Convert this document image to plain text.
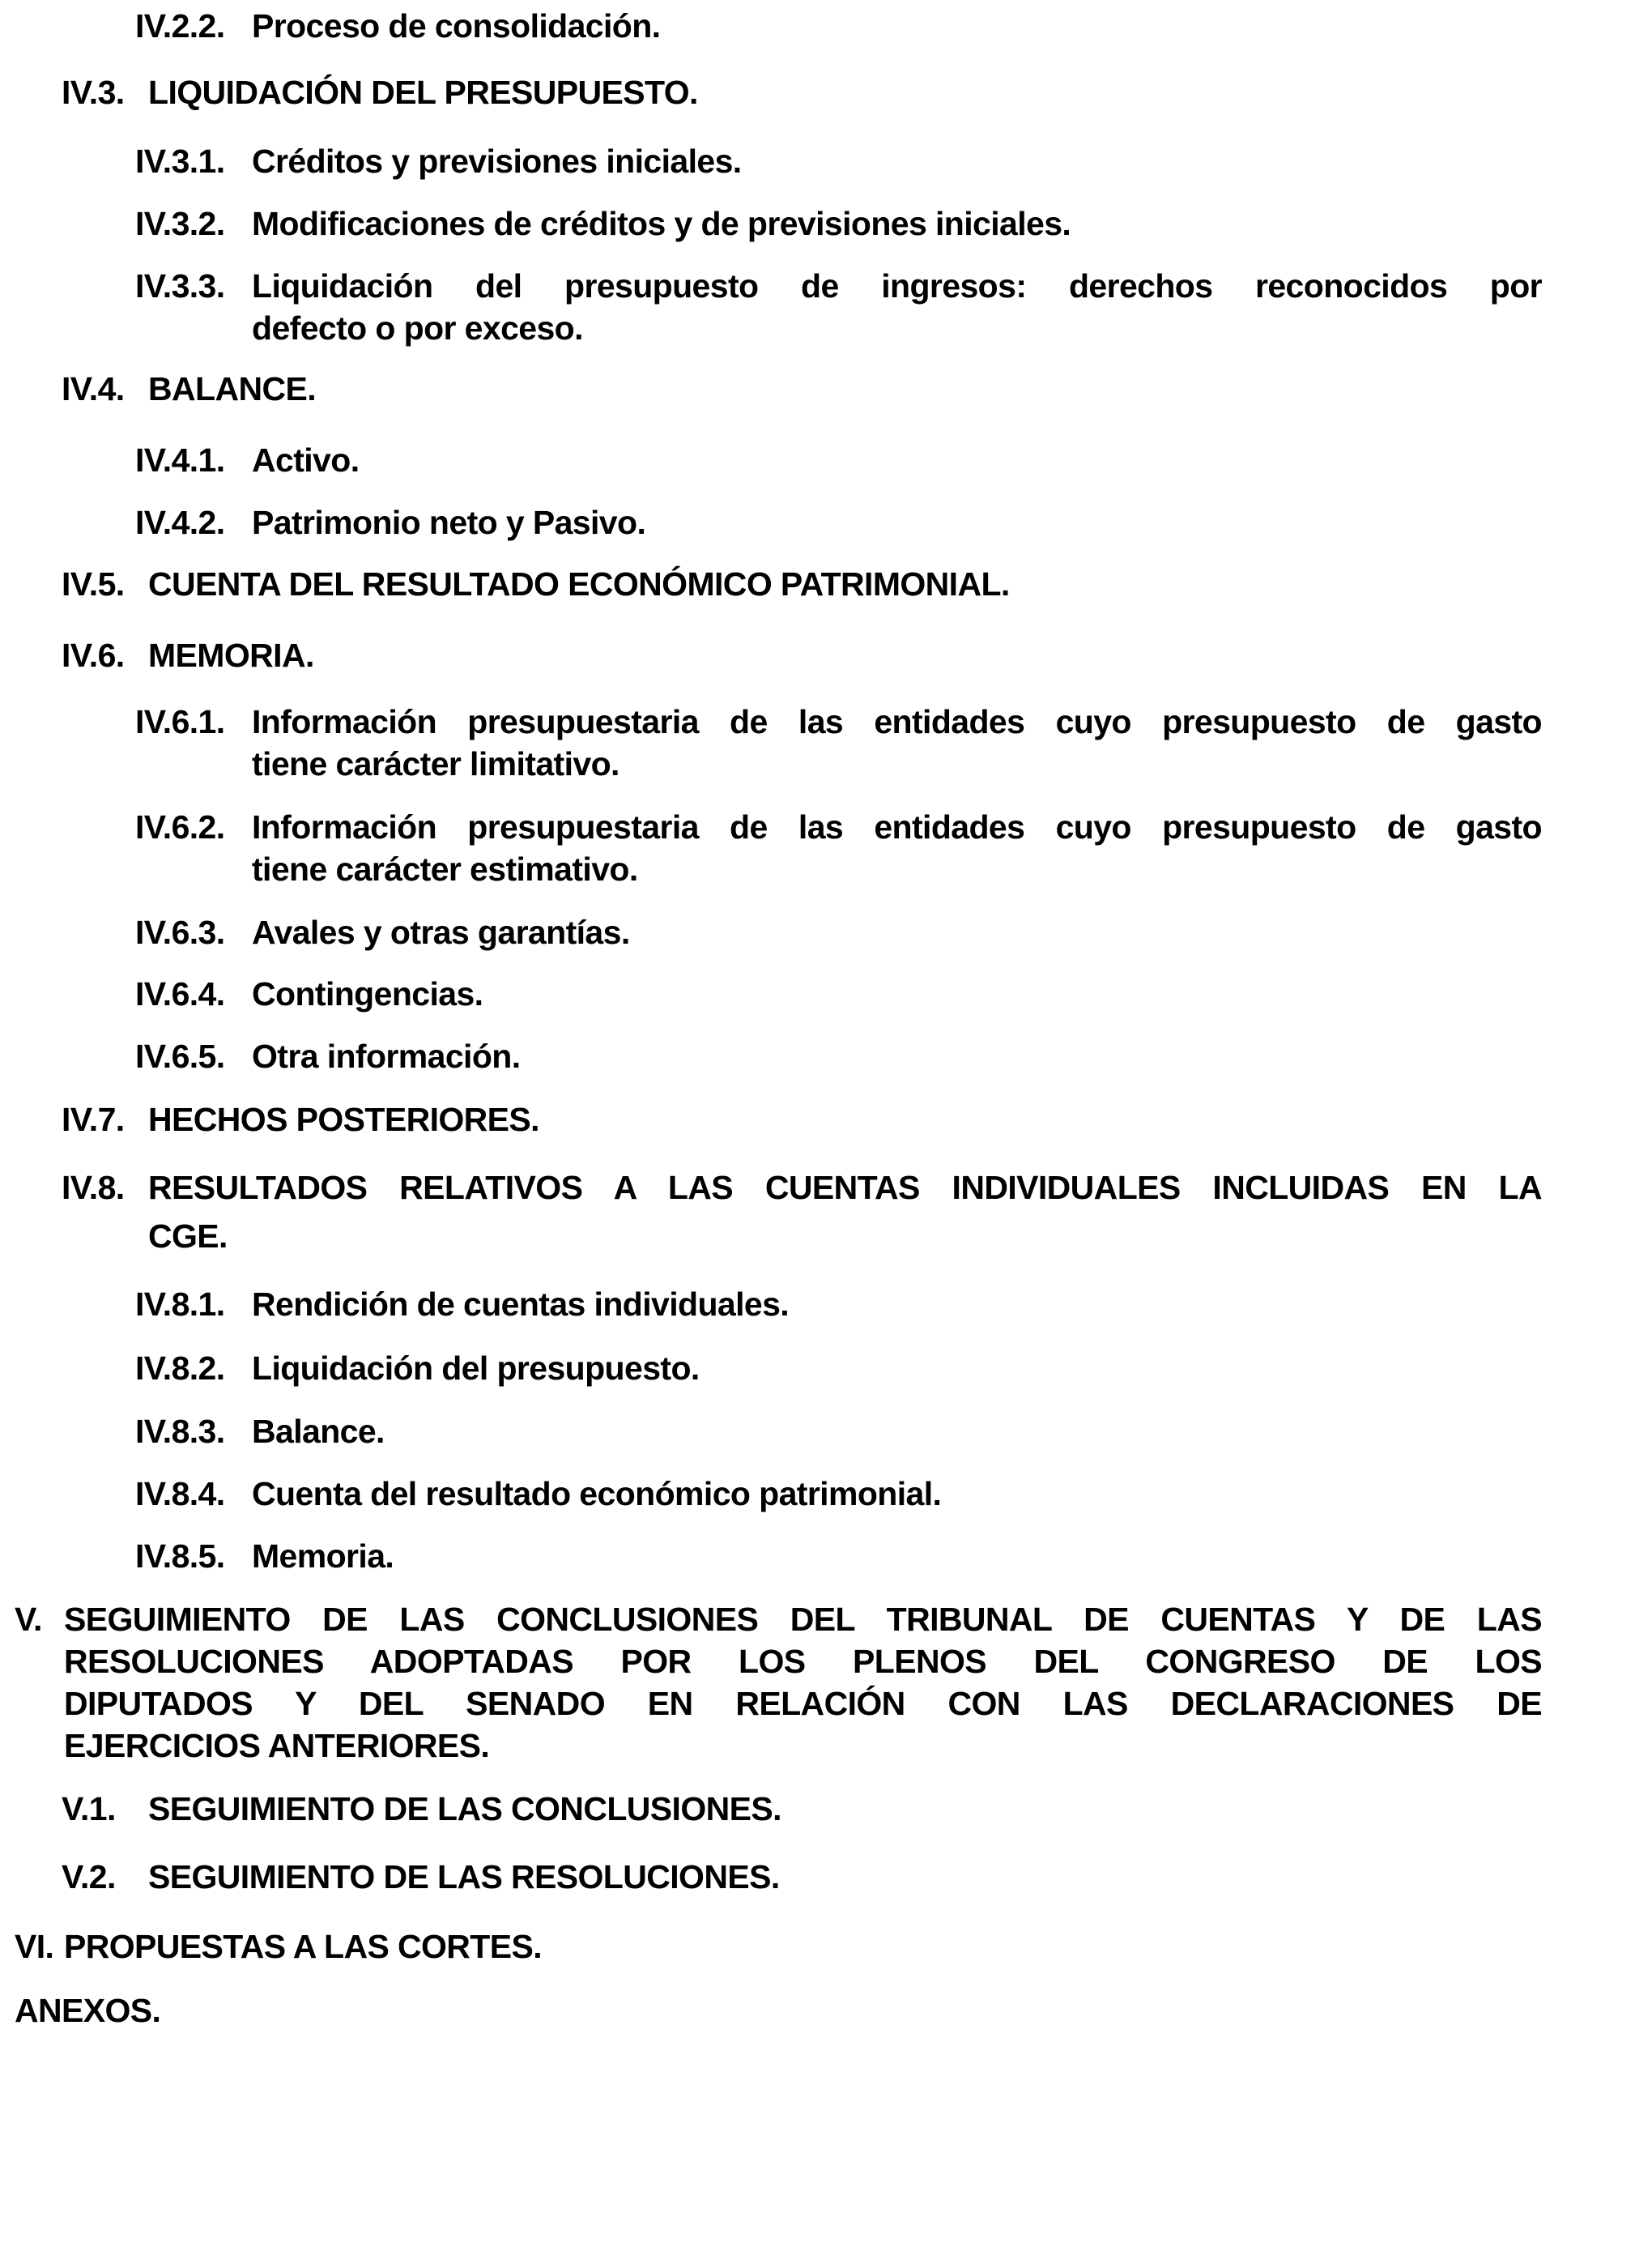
IV.2.2. Proceso de consolidación.
IV.3. LIQUIDACIÓN DEL PRESUPUESTO.
IV.3.1. Créditos y previsiones iniciales.
IV.3.2. Modificaciones de créditos y de previsiones iniciales.
IV.3.3. Liquidación del presupuesto de ingresos: derechos reconocidos por
defecto o por exceso.
IV.4. BALANCE.
IV.4.1. Activo.
IV.4.2. Patrimonio neto y Pasivo.
IV.5. CUENTA DEL RESULTADO ECONÓMICO PATRIMONIAL.
IV.6. MEMORIA.
IV.6.1. Información presupuestaria de las entidades cuyo presupuesto de gasto
tiene carácter limitativo.
IV.6.2. Información presupuestaria de las entidades cuyo presupuesto de gasto
tiene carácter estimativo.
IV.6.3. Avales y otras garantías.
IV.6.4. Contingencias.
IV.6.5. Otra información.
IV.7. HECHOS POSTERIORES.
IV.8. RESULTADOS RELATIVOS A LAS CUENTAS INDIVIDUALES INCLUIDAS EN LA
CGE.
IV.8.1. Rendición de cuentas individuales.
IV.8.2. Liquidación del presupuesto.
IV.8.3. Balance.
IV.8.4. Cuenta del resultado económico patrimonial.
IV.8.5. Memoria.
V. SEGUIMIENTO DE LAS CONCLUSIONES DEL TRIBUNAL DE CUENTAS Y DE LAS
RESOLUCIONES ADOPTADAS POR LOS PLENOS DEL CONGRESO DE LOS
DIPUTADOS Y DEL SENADO EN RELACIÓN CON LAS DECLARACIONES DE
EJERCICIOS ANTERIORES.
V.1. SEGUIMIENTO DE LAS CONCLUSIONES.
V.2. SEGUIMIENTO DE LAS RESOLUCIONES.
VI. PROPUESTAS A LAS CORTES.
ANEXOS.
